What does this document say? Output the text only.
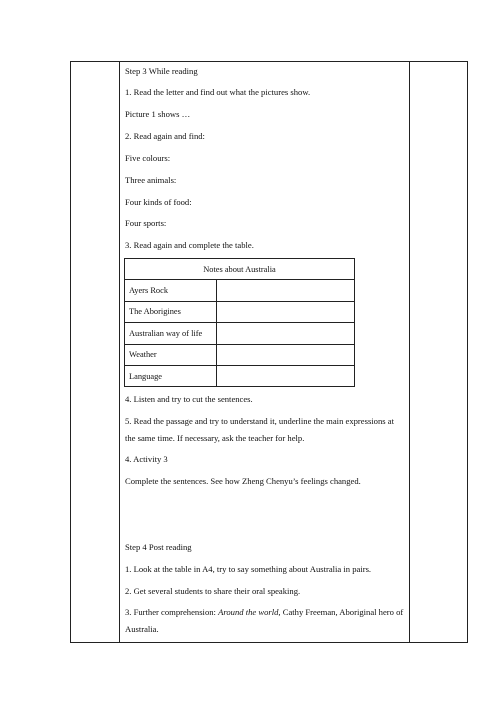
Step 3 While reading
1. Read the letter and find out what the pictures show.
Picture 1 shows …
2. Read again and find:
Five colours:
Three animals:
Four kinds of food:
Four sports:
3. Read again and complete the table.
Notes about Australia	
Ayers Rock	
The Aborigines	
Australian way of life	
Weather	
Language	
4. Listen and try to cut the sentences.
5. Read the passage and try to understand it, underline the main expressions at the same time. If necessary, ask the teacher for help.
4. Activity 3
Complete the sentences. See how Zheng Chenyu’s feelings changed.
Step 4 Post reading
1. Look at the table in A4, try to say something about Australia in pairs.
2. Get several students to share their oral speaking.
3. Further comprehension: Around the world, Cathy Freeman, Aboriginal hero of Australia.
